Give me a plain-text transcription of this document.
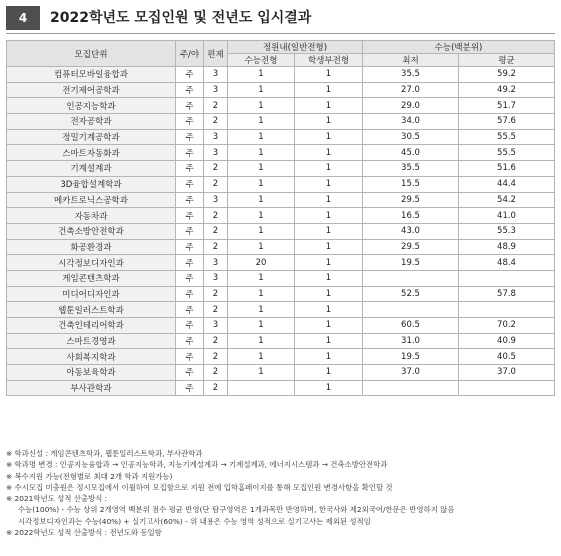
4	2022학년도 모집인원 및 전년도 입시결과
모집단위	주/야	편제	정원내(일반전형)		수능(백분위)	
			수능전형	학생부전형	최저	평균
컴퓨터모바일융합과	주	3	1	1	35.5	59.2
전기제어공학과	주	3	1	1	27.0	49.2
인공지능학과	주	2	1	1	29.0	51.7
전자공학과	주	2	1	1	34.0	57.6
정밀기계공학과	주	3	1	1	30.5	55.5
스마트자동화과	주	3	1	1	45.0	55.5
기계설계과	주	2	1	1	35.5	51.6
3D융합설계학과	주	2	1	1	15.5	44.4
메카트로닉스공학과	주	3	1	1	29.5	54.2
자동차과	주	2	1	1	16.5	41.0
건축소방안전학과	주	2	1	1	43.0	55.3
화공환경과	주	2	1	1	29.5	48.9
시각정보디자인과	주	3	20	1	19.5	48.4
게임콘텐츠학과	주	3	1	1		
미디어디자인과	주	2	1	1	52.5	57.8
웹툰일러스트학과	주	2	1	1		
건축인테리어학과	주	3	1	1	60.5	70.2
스마트경영과	주	2	1	1	31.0	40.9
사회복지학과	주	2	1	1	19.5	40.5
아동보육학과	주	2	1	1	37.0	37.0
부사관학과	주	2		1		
※ 학과신설 : 게임콘텐츠학과, 웹툰일러스트학과, 부사관학과
※ 학과명 변경 : 인공지능융합과 → 인공지능학과, 지능기계설계과 → 기계설계과, 에너지시스템과 → 건축소방안전학과
※ 복수지원 가능(전형별로 최대 2개 학과 지원가능)
※ 수시모집 미충원은 정시모집에서 이월하여 모집함으로 지원 전에 입학홈페이지를 통해 모집인원 변경사항을 확인할 것
※ 2021학년도 성적 산출방식 :
수능(100%) - 수능 상위 2개영역 백분위 점수 평균 반영(단 탐구영역은 1개과목만 반영하며, 한국사와 제2외국어/한문은 반영하지 않음
시각정보디자인과는 수능(40%) + 실기고사(60%) - 위 내용은 수능 영역 성적으로 실기고사는 제외된 성적임
※ 2022학년도 성적 산출방식 : 전년도와 동일함
